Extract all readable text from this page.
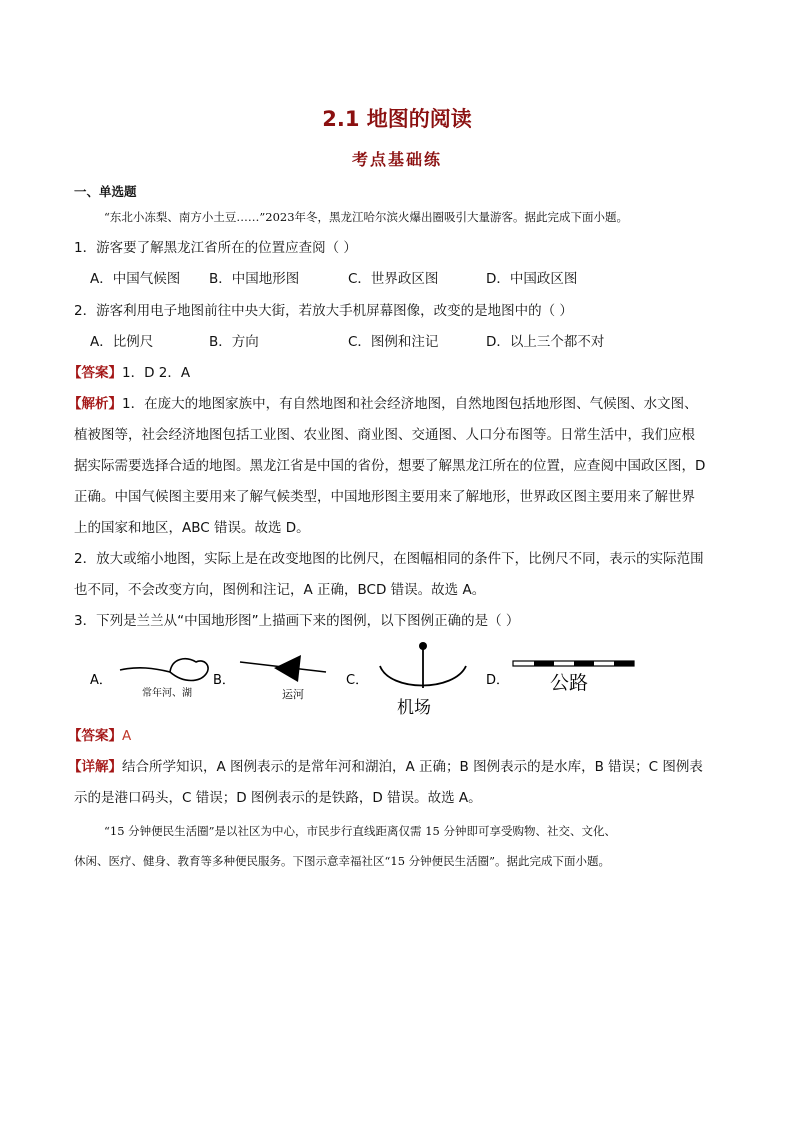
2.1 地图的阅读
考点基础练
一、单选题
“东北小冻梨、南方小土豆……”2023年冬，黑龙江哈尔滨火爆出圈吸引大量游客。据此完成下面小题。
1．游客要了解黑龙江省所在的位置应查阅（ ）
A．中国气候图 B．中国地形图	C．世界政区图	D．中国政区图
2．游客利用电子地图前往中央大街，若放大手机屏幕图像，改变的是地图中的（ ）
A．比例尺	B．方向	C．图例和注记	D．以上三个都不对
【答案】1．D 2．A
【解析】1．在庞大的地图家族中，有自然地图和社会经济地图，自然地图包括地形图、气候图、水文图、
植被图等，社会经济地图包括工业图、农业图、商业图、交通图、人口分布图等。日常生活中，我们应根
据实际需要选择合适的地图。黑龙江省是中国的省份，想要了解黑龙江所在的位置，应查阅中国政区图，D
正确。中国气候图主要用来了解气候类型，中国地形图主要用来了解地形，世界政区图主要用来了解世界
上的国家和地区，ABC 错误。故选 D。
2．放大或缩小地图，实际上是在改变地图的比例尺，在图幅相同的条件下，比例尺不同，表示的实际范围
也不同，不会改变方向，图例和注记，A 正确，BCD 错误。故选 A。
3．下列是兰兰从“中国地形图”上描画下来的图例，以下图例正确的是（ ）
A．
常年河、湖
B．
运河
C．
机场
D． 公路
【答案】A
【详解】结合所学知识，A 图例表示的是常年河和湖泊，A 正确；B 图例表示的是水库，B 错误；C 图例表
示的是港口码头，C 错误；D 图例表示的是铁路，D 错误。故选 A。
“15 分钟便民生活圈”是以社区为中心，市民步行直线距离仅需 15 分钟即可享受购物、社交、文化、
休闲、医疗、健身、教育等多种便民服务。下图示意幸福社区“15 分钟便民生活圈”。据此完成下面小题。
